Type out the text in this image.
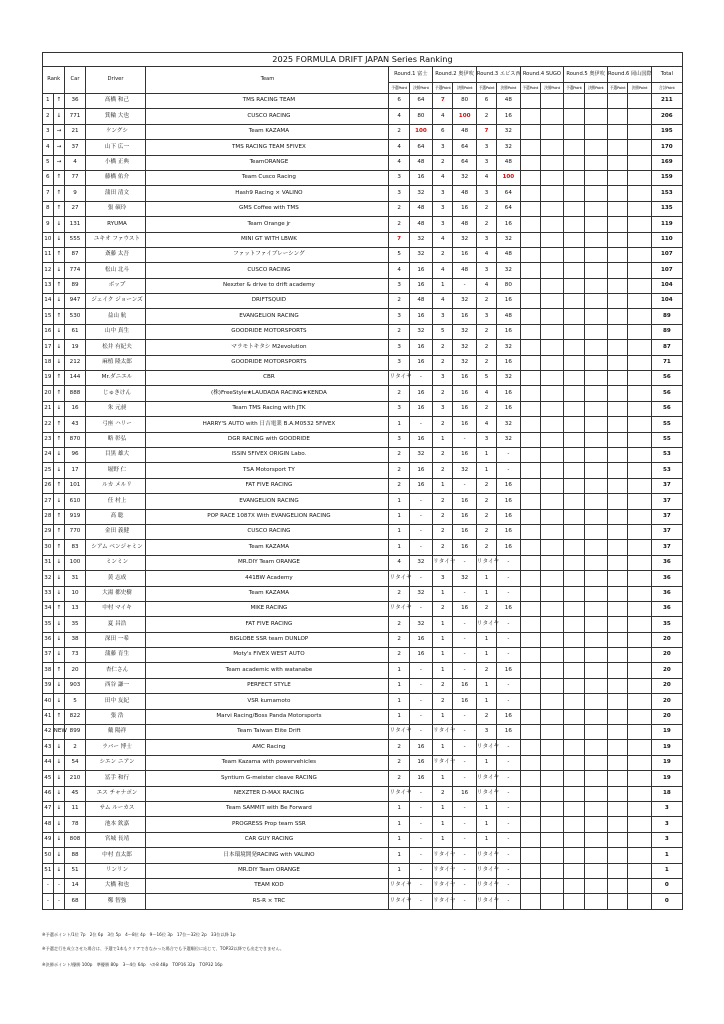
2025 FORMULA DRIFT JAPAN Series Ranking																	
Rank		Car	Driver	Team	Round.1 富士		Round.2 奥伊吹		Round.3 エビス西		Round.4 SUGO		Round.5 奥伊吹		Round.6 岡山国際		Total
					予選Point	決勝Point	予選Point	決勝Point	予選Point	決勝Point	予選Point	決勝Point	予選Point	決勝Point	予選Point	決勝Point	合計Point
1	↑	36	髙橋 和己	TMS RACING TEAM	6	64	7	80	6	48							211
2	↓	771	箕輪 大也	CUSCO RACING	4	80	4	100	2	16							206
3	→	21	ケングシ	Team KAZAMA	2	100	6	48	7	32							195
4	→	37	山下 広一	TMS RACING TEAM 5FIVEX	4	64	3	64	3	32							170
5	→	4	小橋 正典	TeamORANGE	4	48	2	64	3	48							169
6	↑	77	藤橋 佑介	Team Cusco Racing	3	16	4	32	4	100							159
7	↑	9	蒲田 清文	Hash9 Racing × VALINO	3	32	3	48	3	64							153
8	↑	27	張 碩玲	GMS Coffee with TMS	2	48	3	16	2	64							135
9	↓	131	RYUMA	Team Orange jr	2	48	3	48	2	16							119
10	↓	555	ユキオ ファウスト	MINI GT WITH LBWK	7	32	4	32	3	32							110
11	↑	87	斎藤 太吾	ファットファイブレーシング	5	32	2	16	4	48							107
12	↓	774	松山 北斗	CUSCO RACING	4	16	4	48	3	32							107
13	↑	89	ボップ	Nexzter & drive to drift academy	3	16	1	-	4	80							104
14	↓	947	ジェイク ジョーンズ	DRIFTSQUID	2	48	4	32	2	16							104
15	↑	530	益山 航	EVANGELION RACING	3	16	3	16	3	48							89
16	↓	61	山中 真生	GOODRIDE MOTORSPORTS	2	32	5	32	2	16							89
17	↓	19	松井 有紀夫	マラモトキタシ M2evolution	3	16	2	32	2	32							87
18	↓	212	麻植 隆太郎	GOODRIDE MOTORSPORTS	3	16	2	32	2	16							71
19	↑	144	Mr.ダニエル	CBR	リタイヤ	-	3	16	5	32							56
20	↑	888	じゅきけん	(株)FreeStyle★LAUDADA RACING★KENDA	2	16	2	16	4	16							56
21	↓	16	朱 元昶	Team TMS Racing with JTK	3	16	3	16	2	16							56
22	↑	43	弓座 ハリー	HARRY'S AUTO with 日吉電業 B.A.M0532 5FIVEX	1	-	2	16	4	32							55
23	↑	870	略 彰弘	DGR RACING with GOODRIDE	3	16	1	-	3	32							55
24	↓	96	目黒 雄大	ISSIN 5FIVEX ORIGIN Labo.	2	32	2	16	1	-							53
25	↓	17	堀野 仁	TSA Motorsport TY	2	16	2	32	1	-							53
26	↑	101	ルカ メルリ	FAT FIVE RACING	2	16	1	-	2	16							37
27	↓	610	任 村上	EVANGELION RACING	1	-	2	16	2	16							37
28	↑	919	高 聡	POP RACE 1087X With EVANGELION RACING	1	-	2	16	2	16							37
29	↑	770	金田 義健	CUSCO RACING	1	-	2	16	2	16							37
30	↑	83	シアム ベンジャミン	Team KAZAMA	1	-	2	16	2	16							37
31	↓	100	ミンミン	MR.DIY Team ORANGE	4	32	リタイヤ	-	リタイヤ	-							36
32	↓	31	黄 志成	441BW Academy	リタイヤ	-	3	32	1	-							36
33	↓	10	大湯 都史樹	Team KAZAMA	2	32	1	-	1	-							36
34	↑	13	中村 マイキ	MIKE RACING	リタイヤ	-	2	16	2	16							36
35	↓	35	夏 昌浩	FAT FIVE RACING	2	32	1	-	リタイヤ	-							35
36	↓	38	深田 一希	BIGLOBE SSR team DUNLOP	2	16	1	-	1	-							20
37	↓	73	蒲藤 育生	Moty's FIVEX WEST AUTO	2	16	1	-	1	-							20
38	↑	20	杏仁さん	Team academic with watanabe	1	-	1	-	2	16							20
39	↓	903	西谷 謙一	PERFECT STYLE	1	-	2	16	1	-							20
40	↓	5	田中 友紀	VSR kumamoto	1	-	2	16	1	-							20
41	↑	822	張 浩	Marvi Racing/Boss Panda Motorsports	1	-	1	-	2	16							20
42	NEW	899	戴 陽祥	Team Taiwan Elite Drift	リタイヤ	-	リタイヤ	-	3	16							19
43	↓	2	ラバー 博士	AMC Racing	2	16	1	-	リタイヤ	-							19
44	↓	54	シエン ニアン	Team Kazama with powervehicles	2	16	リタイヤ	-	1	-							19
45	↓	210	冨手 和行	Syntium G-meister cleave RACING	2	16	1	-	リタイヤ	-							19
46	↓	45	エス チャナポン	NEXZTER D-MAX RACING	リタイヤ	-	2	16	リタイヤ	-							18
47	↓	11	サム ルーカス	Team SAMMIT with Be Forward	1	-	1	-	1	-							3
48	↓	78	池本 欽嘉	PROGRESS Prop team SSR	1	-	1	-	1	-							3
49	↓	808	宮城 長靖	CAR GUY RACING	1	-	1	-	1	-							3
50	↓	88	中村 直太郎	日本環境開発RACING with VALINO	1	-	リタイヤ	-	リタイヤ	-							1
51	↓	51	リンリン	MR.DIY Team ORANGE	1	-	リタイヤ	-	リタイヤ	-							1
-	-	14	大橋 和也	TEAM KOD	リタイヤ	-	リタイヤ	-	リタイヤ	-							0
-	-	68	鄭 智強	RS-R × TRC	リタイヤ	-	リタイヤ	-	リタイヤ	-							0
※予選ポイント/1位 7p　2位 6p　3位 5p　4〜8位 4p　9〜16位 3p　17位〜32位 2p　33位以降 1p
※予選走行を成立させた場合は、予選で1本もクリアできなかった場合でも予選順位に応じて、TOP32以降でも出走できません。
※決勝ポイント/優勝 100p　準優勝 80p　3〜4位 64p　ﾍｽﾄ8 48p　TOP16 32p　TOP32 16p
